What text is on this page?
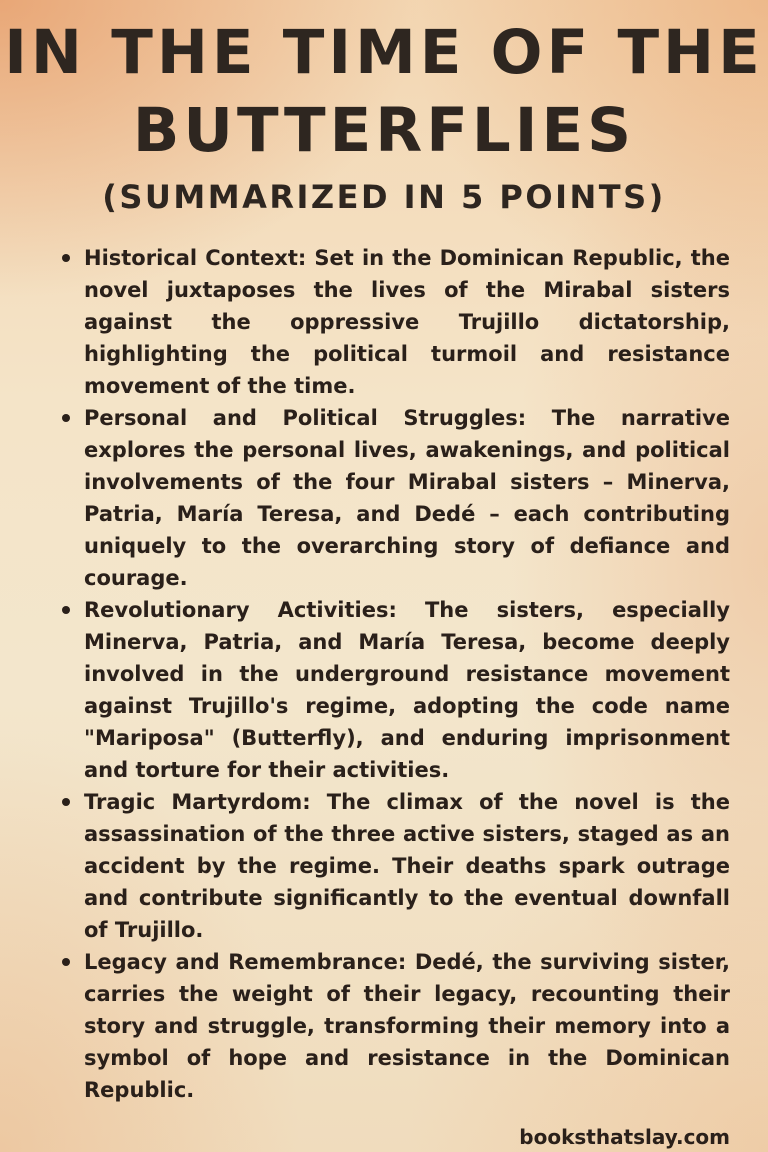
IN THE TIME OF THE BUTTERFLIES
(SUMMARIZED IN 5 POINTS)
Historical Context: Set in the Dominican Republic, the novel juxtaposes the lives of the Mirabal sisters against the oppressive Trujillo dictatorship, highlighting the political turmoil and resistance movement of the time.
Personal and Political Struggles: The narrative explores the personal lives, awakenings, and political involvements of the four Mirabal sisters – Minerva, Patria, María Teresa, and Dedé – each contributing uniquely to the overarching story of defiance and courage.
Revolutionary Activities: The sisters, especially Minerva, Patria, and María Teresa, become deeply involved in the underground resistance movement against Trujillo's regime, adopting the code name "Mariposa" (Butterfly), and enduring imprisonment and torture for their activities.
Tragic Martyrdom: The climax of the novel is the assassination of the three active sisters, staged as an accident by the regime. Their deaths spark outrage and contribute significantly to the eventual downfall of Trujillo.
Legacy and Remembrance: Dedé, the surviving sister, carries the weight of their legacy, recounting their story and struggle, transforming their memory into a symbol of hope and resistance in the Dominican Republic.
booksthatslay.com
